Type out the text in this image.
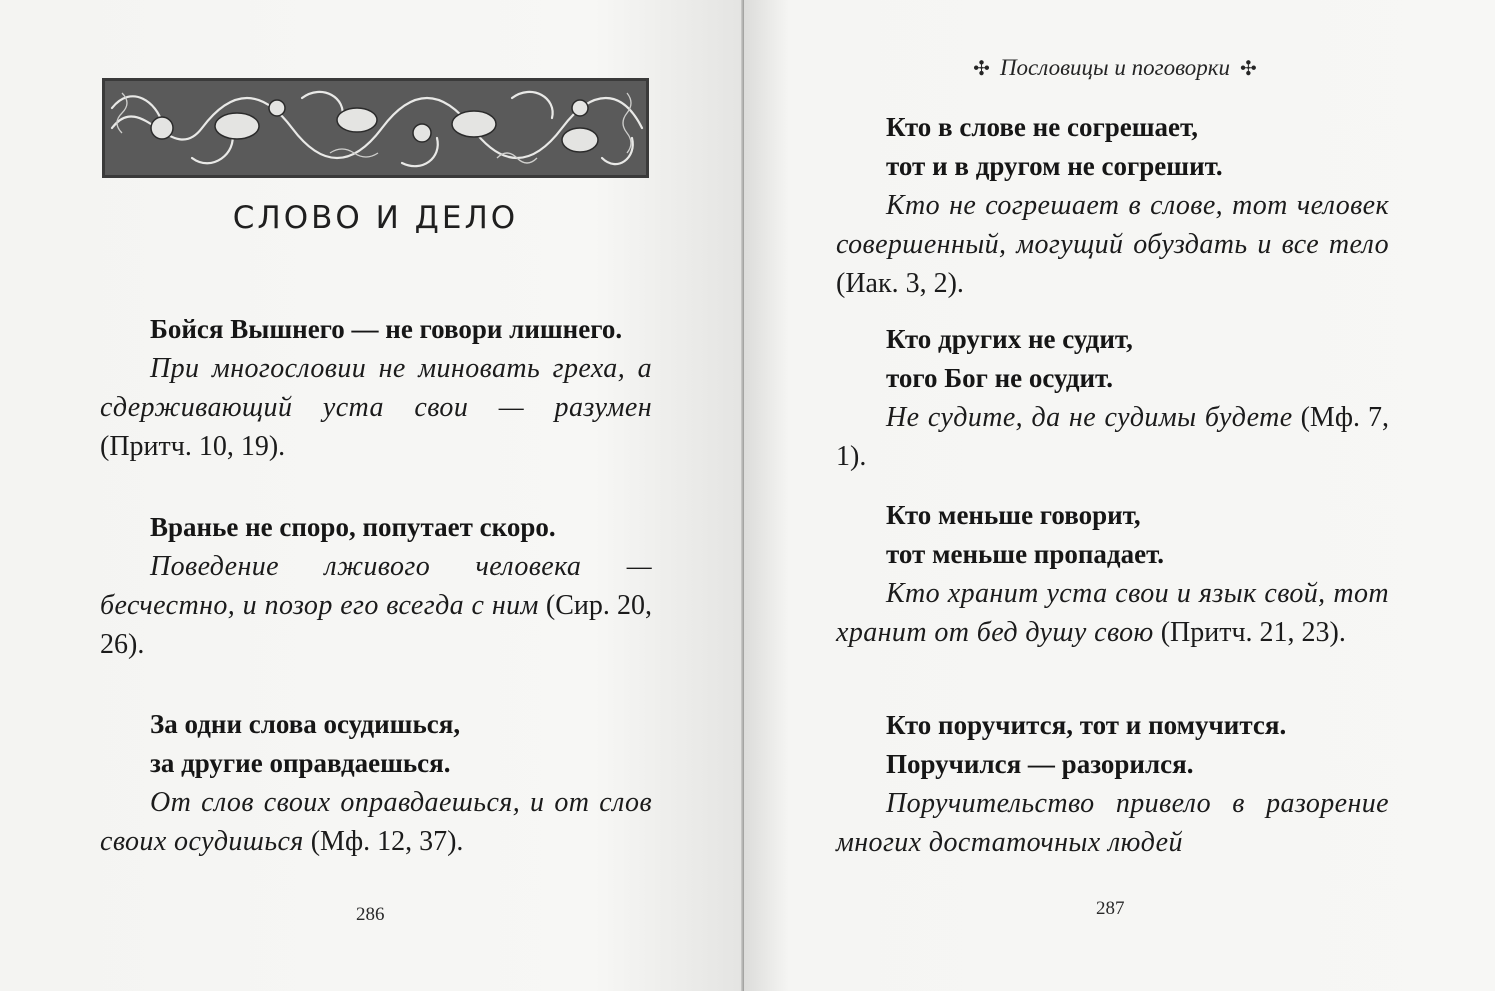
СЛОВО И ДЕЛО

Бойся Вышнего — не говори лишнего.

При многословии не миновать греха, а сдерживающий уста свои — разумен (Притч. 10, 19).

Вранье не споро, попутает скоро.

Поведение лживого человека — бесчестно, и позор его всегда с ним (Сир. 20, 26).

За одни слова осудишься,
за другие оправдаешься.

От слов своих оправдаешься, и от слов своих осудишься (Мф. 12, 37).

286
✣ Пословицы и поговорки ✣

Кто в слове не согрешает,
тот и в другом не согрешит.

Кто не согрешает в слове, тот человек совершенный, могущий обуздать и все тело (Иак. 3, 2).

Кто других не судит,
того Бог не осудит.

Не судите, да не судимы будете (Мф. 7, 1).

Кто меньше говорит,
тот меньше пропадает.

Кто хранит уста свои и язык свой, тот хранит от бед душу свою (Притч. 21, 23).

Кто поручится, тот и помучится.
Поручился — разорился.

Поручительство привело в разорение многих достаточных людей

287
